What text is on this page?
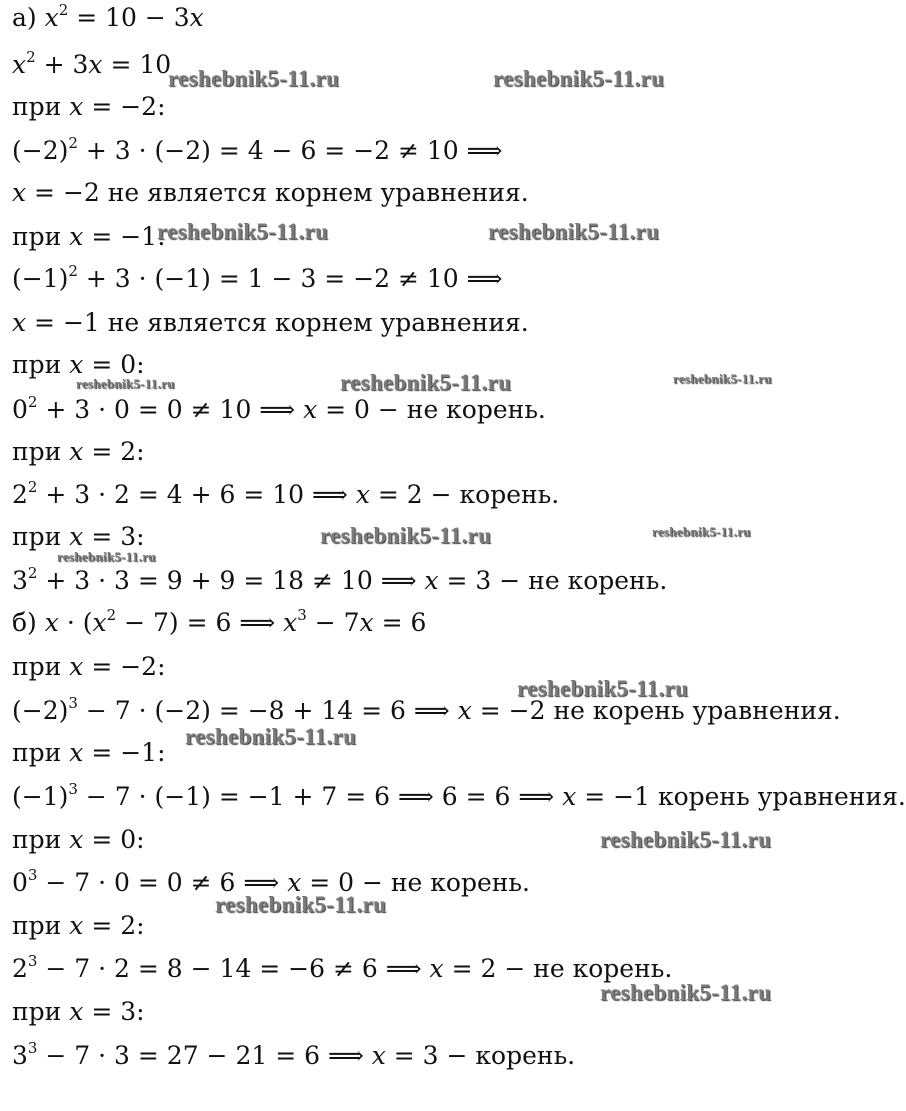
а) $x^2 = 10 - 3x$
$x^2 + 3x = 10$
при x = −2:
$(-2)^2 + 3 \cdot (-2) = 4 - 6 = -2 \ne 10$ ⟹
x = −2 не является корнем уравнения.
при x = −1:
$(-1)^2 + 3 \cdot (-1) = 1 - 3 = -2 \ne 10$ ⟹
x = −1 не является корнем уравнения.
при x = 0:
$0^2 + 3 \cdot 0 = 0 \ne 10$ ⟹ x = 0 − не корень.
при x = 2:
$2^2 + 3 \cdot 2 = 4 + 6 = 10$ ⟹ x = 2 − корень.
при x = 3:
$3^2 + 3 \cdot 3 = 9 + 9 = 18 \ne 10$ ⟹ x = 3 − не корень.
б) $x \cdot (x^2 - 7) = 6$ ⟹ $x^3 - 7x = 6$
при x = −2:
$(-2)^3 - 7 \cdot (-2) = -8 + 14 = 6$ ⟹ x = −2 не корень уравнения.
при x = −1:
$(-1)^3 - 7 \cdot (-1) = -1 + 7 = 6$ ⟹ 6 = 6 ⟹ x = −1 корень уравнения.
при x = 0:
$0^3 - 7 \cdot 0 = 0 \ne 6$ ⟹ x = 0 − не корень.
при x = 2:
$2^3 - 7 \cdot 2 = 8 - 14 = -6 \ne 6$ ⟹ x = 2 − не корень.
при x = 3:
$3^3 - 7 \cdot 3 = 27 - 21 = 6$ ⟹ x = 3 − корень.
reshebnik5-11.ru	reshebnik5-11.ru
reshebnik5-11.ru	reshebnik5-11.ru
reshebnik5-11.ru	reshebnik5-11.ru	reshebnik5-11.ru
reshebnik5-11.ru	reshebnik5-11.ru
reshebnik5-11.ru
reshebnik5-11.ru
reshebnik5-11.ru
reshebnik5-11.ru
reshebnik5-11.ru
reshebnik5-11.ru
